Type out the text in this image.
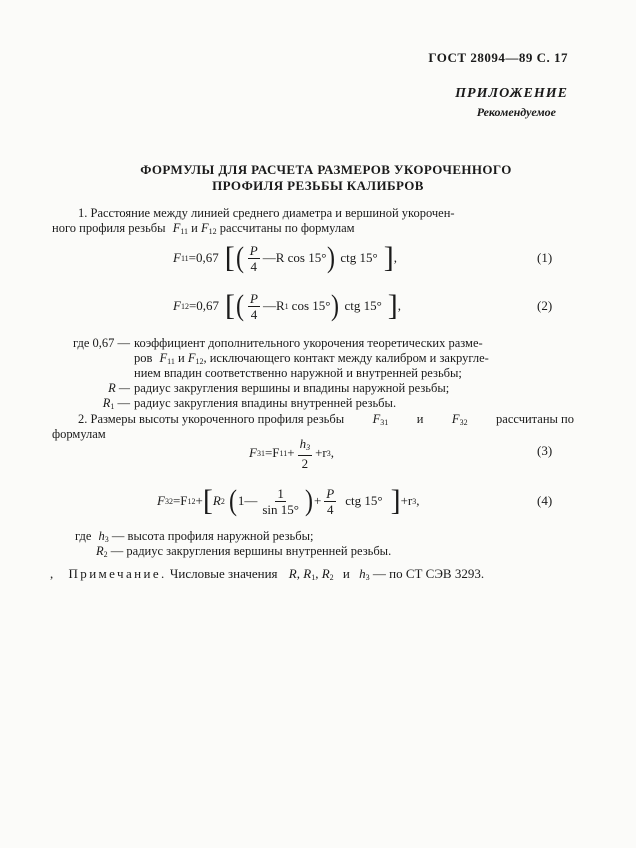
ГОСТ 28094—89 С. 17
ПРИЛОЖЕНИЕ
Рекомендуемое
ФОРМУЛЫ ДЛЯ РАСЧЕТА РАЗМЕРОВ УКОРОЧЕННОГО
ПРОФИЛЯ РЕЗЬБЫ КАЛИБРОВ
1. Расстояние между линией среднего диаметра и вершиной укорочен-
ного профиля резьбы $F_{11}$ и $F_{12}$ рассчитаны по формулам
F 11 =0,67 [ ( $\frac{P}{4}$ —R cos 15° ) ctg 15° ] ,	(1)
F 12 =0,67 [ ( $\frac{P}{4}$ —R 1 cos 15° ) ctg 15° ] ,	(2)
где 0,67 — коэффициент дополнительного укорочения теоретических разме-
ров $F_{11}$ и $F_{12}$, исключающего контакт между калибром и закругле-
нием впадин соответственно наружной и внутренней резьбы;
R — радиус закругления вершины и впадины наружной резьбы;
$R_1$ — радиус закругления впадины внутренней резьбы.
2. Размеры высоты укороченного профиля резьбы $F_{31}$ и $F_{32}$ рассчитаны по
формулам
F 31 =F $11 + \frac{h_3}{2} +r$ 3 ,	(3)
F 32 =F 12 + [ R 2 ( 1— $\frac{1}{\sin 15^\circ}$ ) + $\frac{P}{4}$ ctg 15° ] +r 3 ,	(4)
где $h_3$ — высота профиля наружной резьбы;
$R_2$ — радиус закругления вершины внутренней резьбы.
, Примечание. Числовые значения R, $R_1$, $R_2$ и $h_3$ — по СТ СЭВ 3293.
